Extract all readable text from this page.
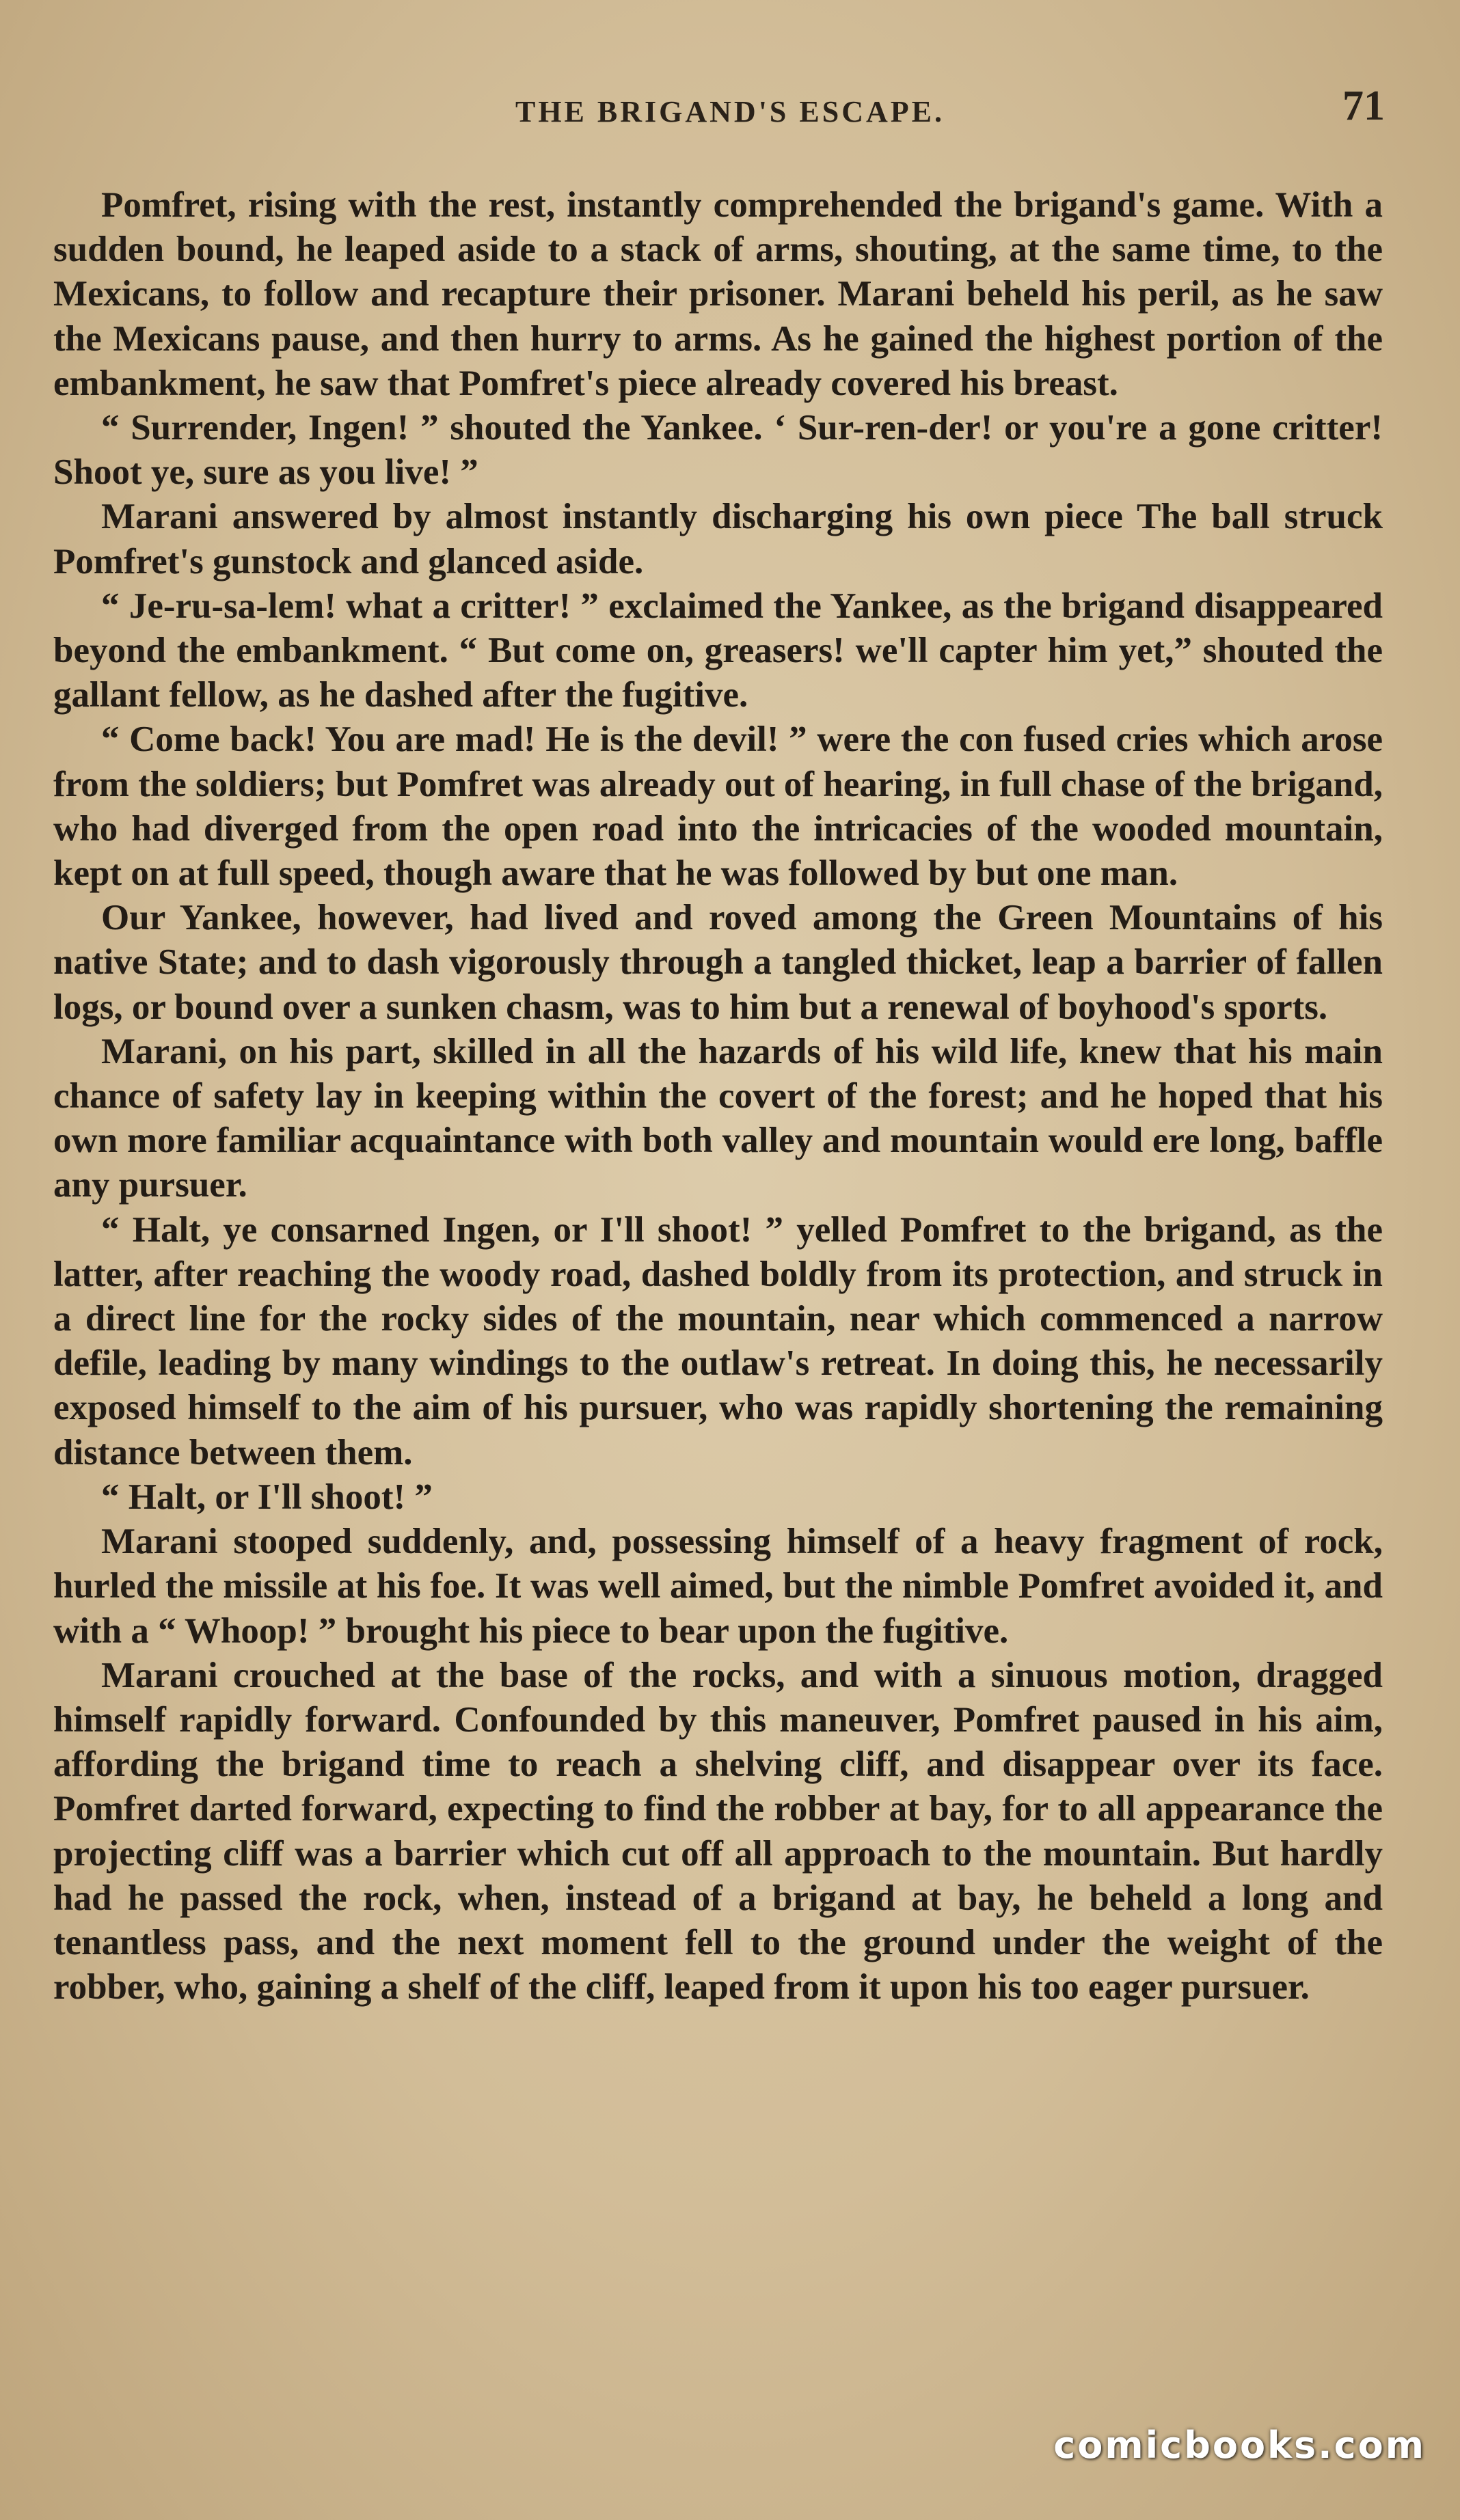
THE BRIGAND'S ESCAPE.	71

Pomfret, rising with the rest, instantly comprehended the brigand's game. With a sudden bound, he leaped aside to a stack of arms, shouting, at the same time, to the Mexicans, to follow and recapture their prisoner. Marani beheld his peril, as he saw the Mexicans pause, and then hurry to arms. As he gained the highest portion of the embankment, he saw that Pomfret's piece already covered his breast.

“ Surrender, Ingen! ” shouted the Yankee. ‘ Sur-ren-der! or you're a gone critter! Shoot ye, sure as you live! ”

Marani answered by almost instantly discharging his own piece The ball struck Pomfret's gunstock and glanced aside.

“ Je-ru-sa-lem! what a critter! ” exclaimed the Yankee, as the brigand disappeared beyond the embankment. “ But come on, greasers! we'll capter him yet,” shouted the gallant fellow, as he dashed after the fugitive.

“ Come back! You are mad! He is the devil! ” were the con fused cries which arose from the soldiers; but Pomfret was already out of hearing, in full chase of the brigand, who had diverged from the open road into the intricacies of the wooded mountain, kept on at full speed, though aware that he was followed by but one man.

Our Yankee, however, had lived and roved among the Green Mountains of his native State; and to dash vigorously through a tangled thicket, leap a barrier of fallen logs, or bound over a sunken chasm, was to him but a renewal of boyhood's sports.

Marani, on his part, skilled in all the hazards of his wild life, knew that his main chance of safety lay in keeping within the covert of the forest; and he hoped that his own more familiar acquaintance with both valley and mountain would ere long, baffle any pursuer.

“ Halt, ye consarned Ingen, or I'll shoot! ” yelled Pomfret to the brigand, as the latter, after reaching the woody road, dashed boldly from its protection, and struck in a direct line for the rocky sides of the mountain, near which commenced a narrow defile, leading by many windings to the outlaw's retreat. In doing this, he necessarily exposed himself to the aim of his pursuer, who was rapidly shortening the remaining distance between them.

“ Halt, or I'll shoot! ”

Marani stooped suddenly, and, possessing himself of a heavy fragment of rock, hurled the missile at his foe. It was well aimed, but the nimble Pomfret avoided it, and with a “ Whoop! ” brought his piece to bear upon the fugitive.

Marani crouched at the base of the rocks, and with a sinuous motion, dragged himself rapidly forward. Confounded by this maneuver, Pomfret paused in his aim, affording the brigand time to reach a shelving cliff, and disappear over its face. Pomfret darted forward, expecting to find the robber at bay, for to all appearance the projecting cliff was a barrier which cut off all approach to the mountain. But hardly had he passed the rock, when, instead of a brigand at bay, he beheld a long and tenantless pass, and the next moment fell to the ground under the weight of the robber, who, gaining a shelf of the cliff, leaped from it upon his too eager pursuer.

comicbooks.com
